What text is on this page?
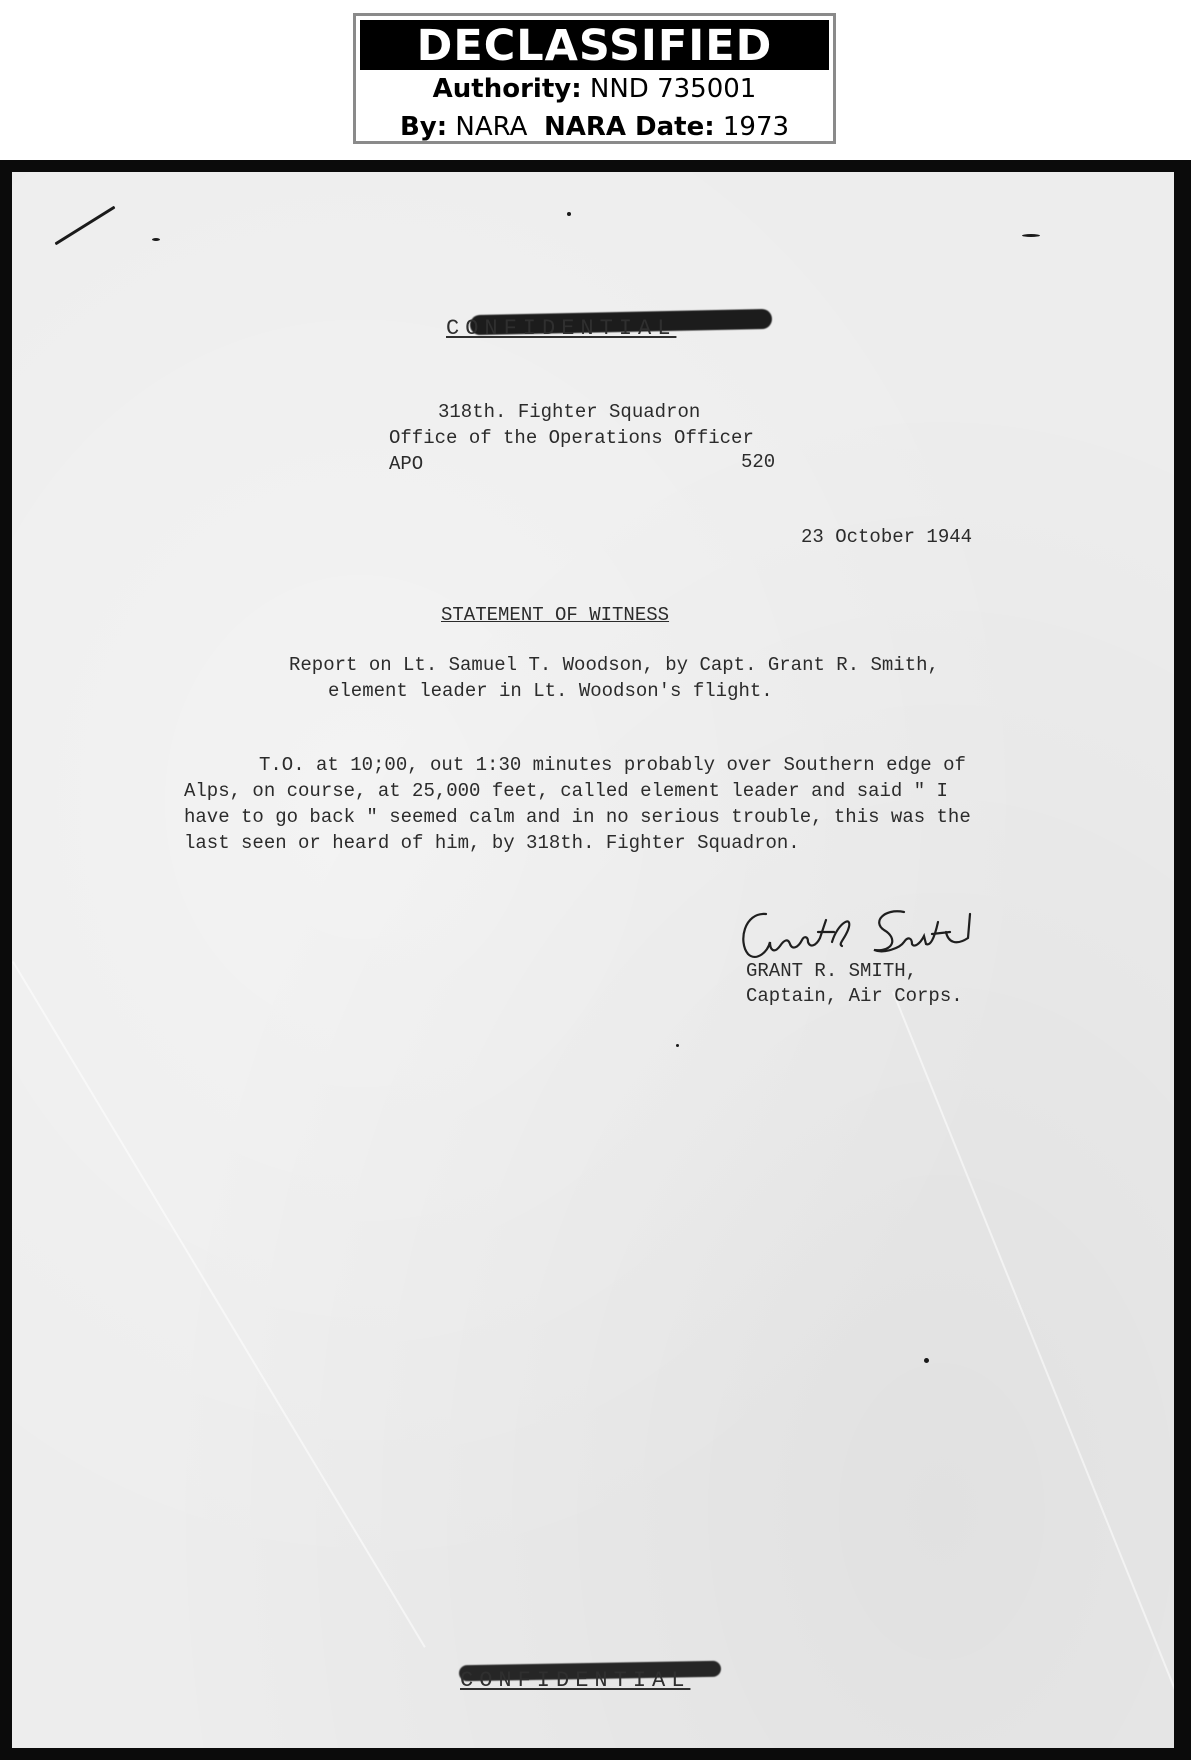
DECLASSIFIED
Authority: NND 735001
By: NARA NARA Date: 1973
CONFIDENTIAL
318th. Fighter Squadron
Office of the Operations Officer
APO	520
23 October 1944
STATEMENT OF WITNESS
Report on Lt. Samuel T. Woodson, by Capt. Grant R. Smith,
element leader in Lt. Woodson's flight.
T.O. at 10;00, out 1:30 minutes probably over Southern edge of
Alps, on course, at 25,000 feet, called element leader and said " I
have to go back " seemed calm and in no serious trouble, this was the
last seen or heard of him, by 318th. Fighter Squadron.
GRANT R. SMITH,
Captain, Air Corps.
CONFIDENTIAL
